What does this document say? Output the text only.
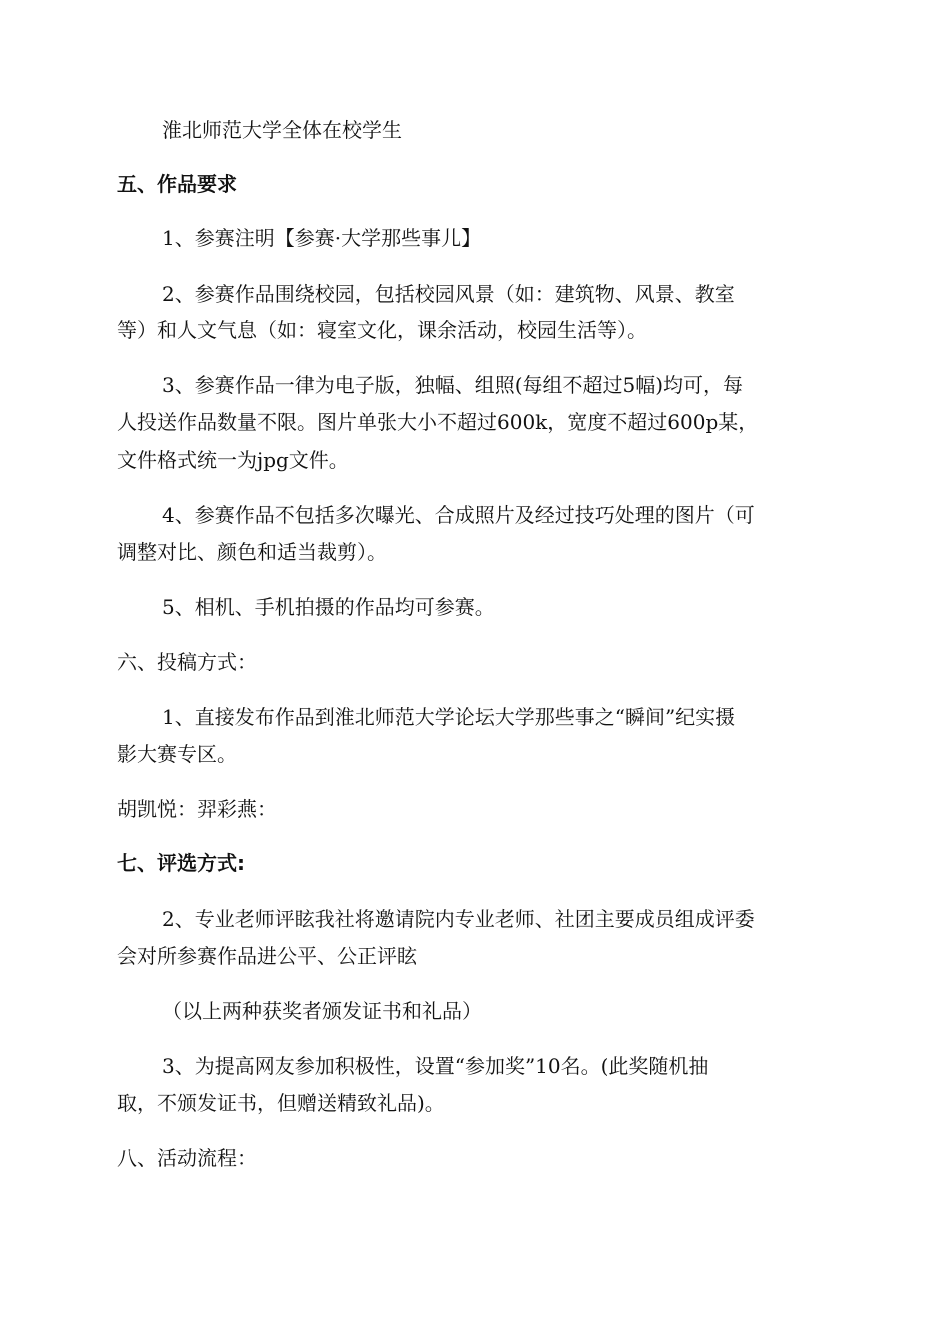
淮北师范大学全体在校学生
五、作品要求
1、参赛注明【参赛·大学那些事儿】
2、参赛作品围绕校园，包括校园风景（如：建筑物、风景、教室
等）和人文气息（如：寝室文化，课余活动，校园生活等）。
3、参赛作品一律为电子版，独幅、组照(每组不超过5幅)均可，每
人投送作品数量不限。图片单张大小不超过600k，宽度不超过600p某，
文件格式统一为jpg文件。
4、参赛作品不包括多次曝光、合成照片及经过技巧处理的图片（可
调整对比、颜色和适当裁剪）。
5、相机、手机拍摄的作品均可参赛。
六、投稿方式：
1、直接发布作品到淮北师范大学论坛大学那些事之“瞬间”纪实摄
影大赛专区。
胡凯悦：羿彩燕：
七、评选方式:
2、专业老师评眩我社将邀请院内专业老师、社团主要成员组成评委
会对所参赛作品进公平、公正评眩
（以上两种获奖者颁发证书和礼品）
3、为提高网友参加积极性，设置“参加奖”10名。(此奖随机抽
取，不颁发证书，但赠送精致礼品)。
八、活动流程：
